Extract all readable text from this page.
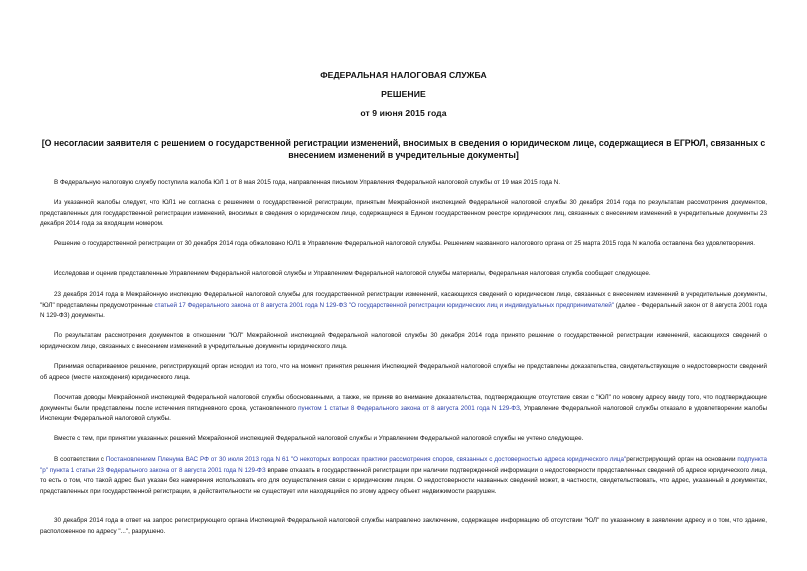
ФЕДЕРАЛЬНАЯ НАЛОГОВАЯ СЛУЖБА
РЕШЕНИЕ
от 9 июня 2015 года
[О несогласии заявителя с решением о государственной регистрации изменений, вносимых в сведения о юридическом лице, содержащиеся в ЕГРЮЛ, связанных с внесением изменений в учредительные документы]
В Федеральную налоговую службу поступила жалоба ЮЛ 1 от 8 мая 2015 года, направленная письмом Управления Федеральной налоговой службы от 19 мая 2015 года N.
Из указанной жалобы следует, что ЮЛ1 не согласна с решением о государственной регистрации, принятым Межрайонной инспекцией Федеральной налоговой службы 30 декабря 2014 года по результатам рассмотрения документов, представленных для государственной регистрации изменений, вносимых в сведения о юридическом лице, содержащиеся в Едином государственном реестре юридических лиц, связанных с внесением изменений в учредительные документы 23 декабря 2014 года за входящим номером.
Решение о государственной регистрации от 30 декабря 2014 года обжаловано ЮЛ1 в Управление Федеральной налоговой службы. Решением названного налогового органа от 25 марта 2015 года N жалоба оставлена без удовлетворения.
Исследовав и оценив представленные Управлением Федеральной налоговой службы и Управлением Федеральной налоговой службы материалы, Федеральная налоговая служба сообщает следующее.
23 декабря 2014 года в Межрайонную инспекцию Федеральной налоговой службы для государственной регистрации изменений, касающихся сведений о юридическом лице, связанных с внесением изменений в учредительные документы, "ЮЛ" представлены предусмотренные статьей 17 Федерального закона от 8 августа 2001 года N 129-ФЗ "О государственной регистрации юридических лиц и индивидуальных предпринимателей" (далее - Федеральный закон от 8 августа 2001 года N 129-ФЗ) документы.
По результатам рассмотрения документов в отношении "ЮЛ" Межрайонной инспекцией Федеральной налоговой службы 30 декабря 2014 года принято решение о государственной регистрации изменений, касающихся сведений о юридическом лице, связанных с внесением изменений в учредительные документы юридического лица.
Принимая оспариваемое решение, регистрирующий орган исходил из того, что на момент принятия решения Инспекцией Федеральной налоговой службы не представлены доказательства, свидетельствующие о недостоверности сведений об адресе (месте нахождения) юридического лица.
Посчитав доводы Межрайонной инспекцией Федеральной налоговой службы обоснованными, а также, не приняв во внимание доказательства, подтверждающие отсутствие связи с "ЮЛ" по новому адресу ввиду того, что подтверждающие документы были представлены после истечения пятидневного срока, установленного пунктом 1 статьи 8 Федерального закона от 8 августа 2001 года N 129-ФЗ, Управление Федеральной налоговой службы отказало в удовлетворении жалобы Инспекции Федеральной налоговой службы.
Вместе с тем, при принятии указанных решений Межрайонной инспекцией Федеральной налоговой службы и Управлением Федеральной налоговой службы не учтено следующее.
В соответствии с Постановлением Пленума ВАС РФ от 30 июля 2013 года N 61 "О некоторых вопросах практики рассмотрения споров, связанных с достоверностью адреса юридического лица"регистрирующий орган на основании подпункта "р" пункта 1 статьи 23 Федерального закона от 8 августа 2001 года N 129-ФЗ вправе отказать в государственной регистрации при наличии подтвержденной информации о недостоверности представленных сведений об адресе юридического лица, то есть о том, что такой адрес был указан без намерения использовать его для осуществления связи с юридическим лицом. О недостоверности названных сведений может, в частности, свидетельствовать, что адрес, указанный в документах, представленных при государственной регистрации, в действительности не существует или находящийся по этому адресу объект недвижимости разрушен.
30 декабря 2014 года в ответ на запрос регистрирующего органа Инспекцией Федеральной налоговой службы направлено заключение, содержащее информацию об отсутствии "ЮЛ" по указанному в заявлении адресу и о том, что здание, расположенное по адресу "...", разрушено.
